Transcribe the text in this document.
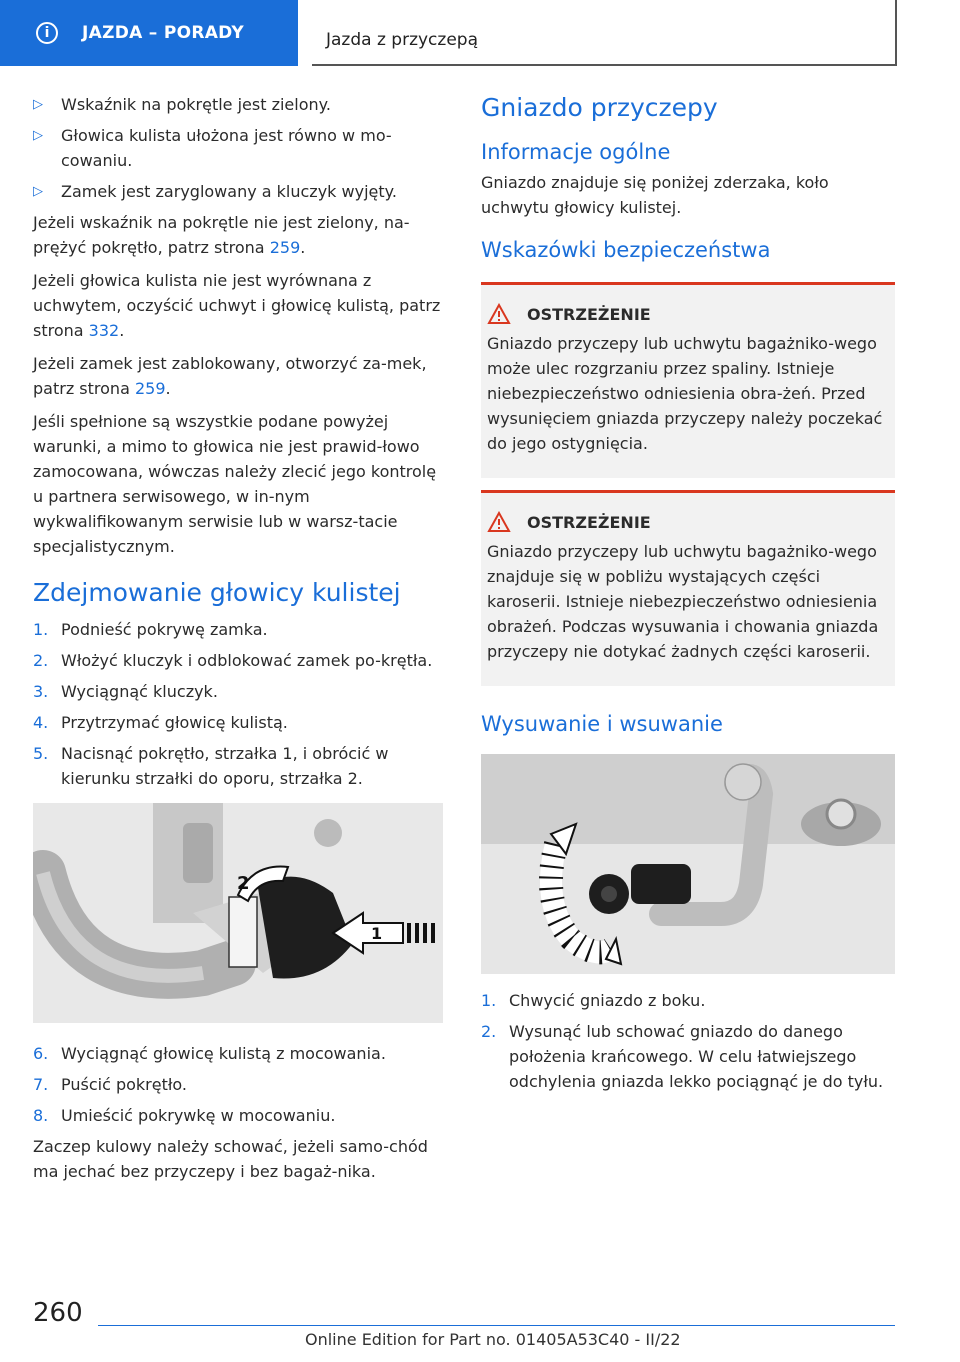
i	JAZDA – PORADY	Jazda z przyczepą
▷	Wskaźnik na pokrętle jest zielony.
▷	Głowica kulista ułożona jest równo w mo-cowaniu.
▷	Zamek jest zaryglowany a kluczyk wyjęty.

Jeżeli wskaźnik na pokrętle nie jest zielony, na-prężyć pokrętło, patrz strona 259.

Jeżeli głowica kulista nie jest wyrównana z uchwytem, oczyścić uchwyt i głowicę kulistą, patrz strona 332.

Jeżeli zamek jest zablokowany, otworzyć za-mek, patrz strona 259.

Jeśli spełnione są wszystkie podane powyżej warunki, a mimo to głowica nie jest prawid-łowo zamocowana, wówczas należy zlecić jego kontrolę u partnera serwisowego, w in-nym wykwalifikowanym serwisie lub w warsz-tacie specjalistycznym.

Zdejmowanie głowicy kulistej
1. Podnieść pokrywę zamka.
2. Włożyć kluczyk i odblokować zamek po-krętła.
3. Wyciągnąć kluczyk.
4. Przytrzymać głowicę kulistą.
5. Nacisnąć pokrętło, strzałka 1, i obrócić w kierunku strzałki do oporu, strzałka 2.
2
1
6. Wyciągnąć głowicę kulistą z mocowania.
7. Puścić pokrętło.
8. Umieścić pokrywkę w mocowaniu.

Zaczep kulowy należy schować, jeżeli samo-chód ma jechać bez przyczepy i bez bagaż-nika.

Gniazdo przyczepy
Informacje ogólne

Gniazdo znajduje się poniżej zderzaka, koło uchwytu głowicy kulistej.

Wskazówki bezpieczeństwa
OSTRZEŻENIE

Gniazdo przyczepy lub uchwytu bagażniko-wego może ulec rozgrzaniu przez spaliny. Istnieje niebezpieczeństwo odniesienia obra-żeń. Przed wysunięciem gniazda przyczepy należy poczekać do jego ostygnięcia.

OSTRZEŻENIE

Gniazdo przyczepy lub uchwytu bagażniko-wego znajduje się w pobliżu wystających części karoserii. Istnieje niebezpieczeństwo odniesienia obrażeń. Podczas wysuwania i chowania gniazda przyczepy nie dotykać żadnych części karoserii.

Wysuwanie i wsuwanie
1. Chwycić gniazdo z boku.
2. Wysunąć lub schować gniazdo do danego położenia krańcowego. W celu łatwiejszego odchylenia gniazda lekko pociągnąć je do tyłu.
260
Online Edition for Part no. 01405A53C40 - II/22
